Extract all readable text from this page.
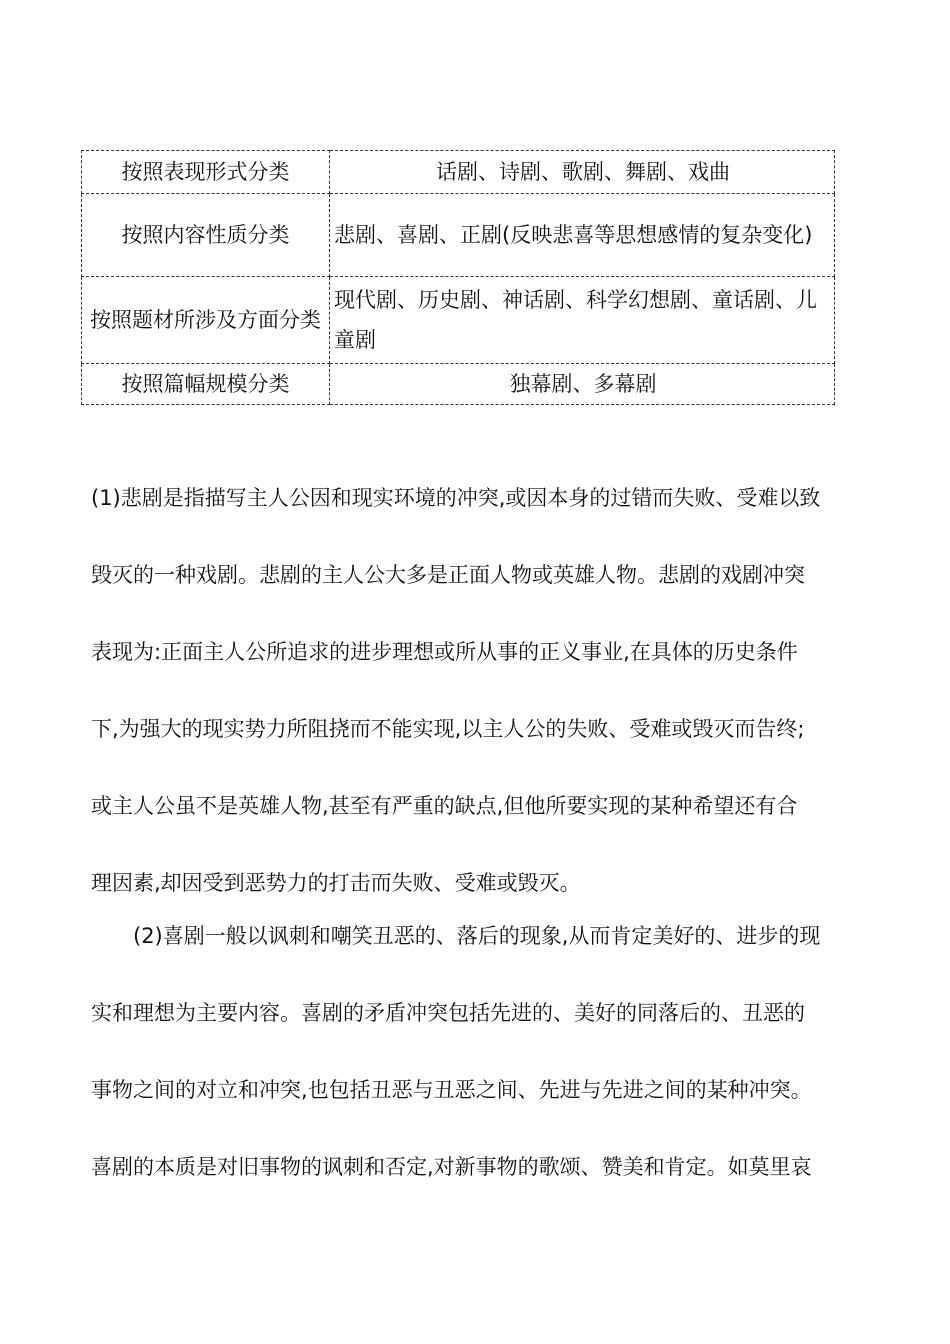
按照表现形式分类	话剧、诗剧、歌剧、舞剧、戏曲
按照内容性质分类	悲剧、喜剧、正剧(反映悲喜等思想感情的复杂变化)
按照题材所涉及方面分类	现代剧、历史剧、神话剧、科学幻想剧、童话剧、儿童剧
按照篇幅规模分类	独幕剧、多幕剧
(1)悲剧是指描写主人公因和现实环境的冲突,或因本身的过错而失败、受难以致
毁灭的一种戏剧。悲剧的主人公大多是正面人物或英雄人物。悲剧的戏剧冲突
表现为:正面主人公所追求的进步理想或所从事的正义事业,在具体的历史条件
下,为强大的现实势力所阻挠而不能实现,以主人公的失败、受难或毁灭而告终;
或主人公虽不是英雄人物,甚至有严重的缺点,但他所要实现的某种希望还有合
理因素,却因受到恶势力的打击而失败、受难或毁灭。
(2)喜剧一般以讽刺和嘲笑丑恶的、落后的现象,从而肯定美好的、进步的现
实和理想为主要内容。喜剧的矛盾冲突包括先进的、美好的同落后的、丑恶的
事物之间的对立和冲突,也包括丑恶与丑恶之间、先进与先进之间的某种冲突。
喜剧的本质是对旧事物的讽刺和否定,对新事物的歌颂、赞美和肯定。如莫里哀
